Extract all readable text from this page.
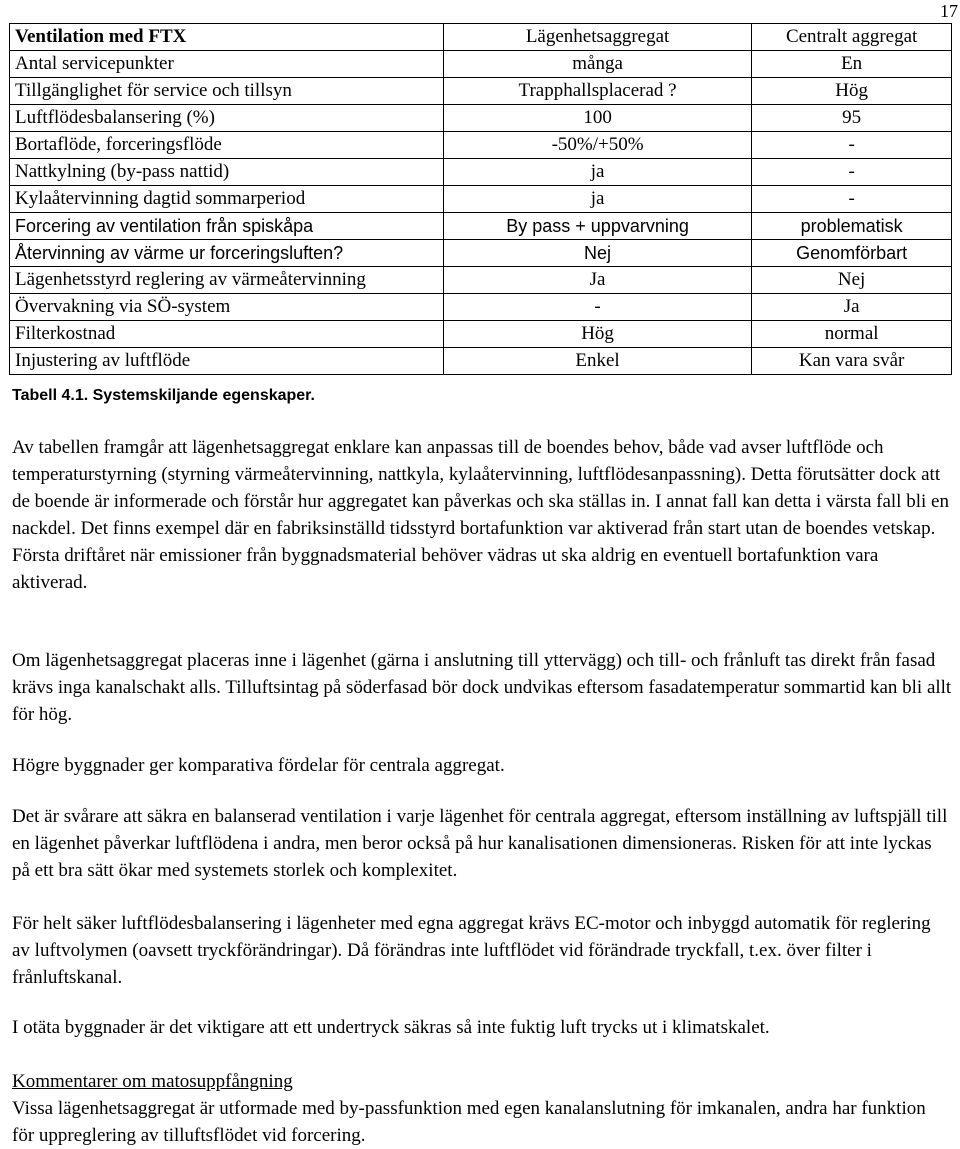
17
Ventilation med FTX	Lägenhetsaggregat	Centralt aggregat
Antal servicepunkter	många	En
Tillgänglighet för service och tillsyn	Trapphallsplacerad ?	Hög
Luftflödesbalansering (%)	100	95
Bortaflöde, forceringsflöde	-50%/+50%	-
Nattkylning (by-pass nattid)	ja	-
Kylaåtervinning dagtid sommarperiod	ja	-
Forcering av ventilation från spiskåpa	By pass + uppvarvning	problematisk
Återvinning av värme ur forceringsluften?	Nej	Genomförbart
Lägenhetsstyrd reglering av värmeåtervinning	Ja	Nej
Övervakning via SÖ-system	-	Ja
Filterkostnad	Hög	normal
Injustering av luftflöde	Enkel	Kan vara svår
Tabell 4.1. Systemskiljande egenskaper.

Av tabellen framgår att lägenhetsaggregat enklare kan anpassas till de boendes behov, både vad avser luftflöde och temperaturstyrning (styrning värmeåtervinning, nattkyla, kylaåtervinning, luftflödesanpassning). Detta förutsätter dock att de boende är informerade och förstår hur aggregatet kan påverkas och ska ställas in. I annat fall kan detta i värsta fall bli en nackdel. Det finns exempel där en fabriksinställd tidsstyrd bortafunktion var aktiverad från start utan de boendes vetskap. Första driftåret när emissioner från byggnadsmaterial behöver vädras ut ska aldrig en eventuell bortafunktion vara aktiverad.

Om lägenhetsaggregat placeras inne i lägenhet (gärna i anslutning till yttervägg) och till- och frånluft tas direkt från fasad krävs inga kanalschakt alls. Tilluftsintag på söderfasad bör dock undvikas eftersom fasadatemperatur sommartid kan bli allt för hög.

Högre byggnader ger komparativa fördelar för centrala aggregat.

Det är svårare att säkra en balanserad ventilation i varje lägenhet för centrala aggregat, eftersom inställning av luftspjäll till en lägenhet påverkar luftflödena i andra, men beror också på hur kanalisationen dimensioneras. Risken för att inte lyckas på ett bra sätt ökar med systemets storlek och komplexitet.

För helt säker luftflödesbalansering i lägenheter med egna aggregat krävs EC-motor och inbyggd automatik för reglering av luftvolymen (oavsett tryckförändringar). Då förändras inte luftflödet vid förändrade tryckfall, t.ex. över filter i frånluftskanal.

I otäta byggnader är det viktigare att ett undertryck säkras så inte fuktig luft trycks ut i klimatskalet.

Kommentarer om matosuppfångning

Vissa lägenhetsaggregat är utformade med by-passfunktion med egen kanalanslutning för imkanalen, andra har funktion för uppreglering av tilluftsflödet vid forcering.
